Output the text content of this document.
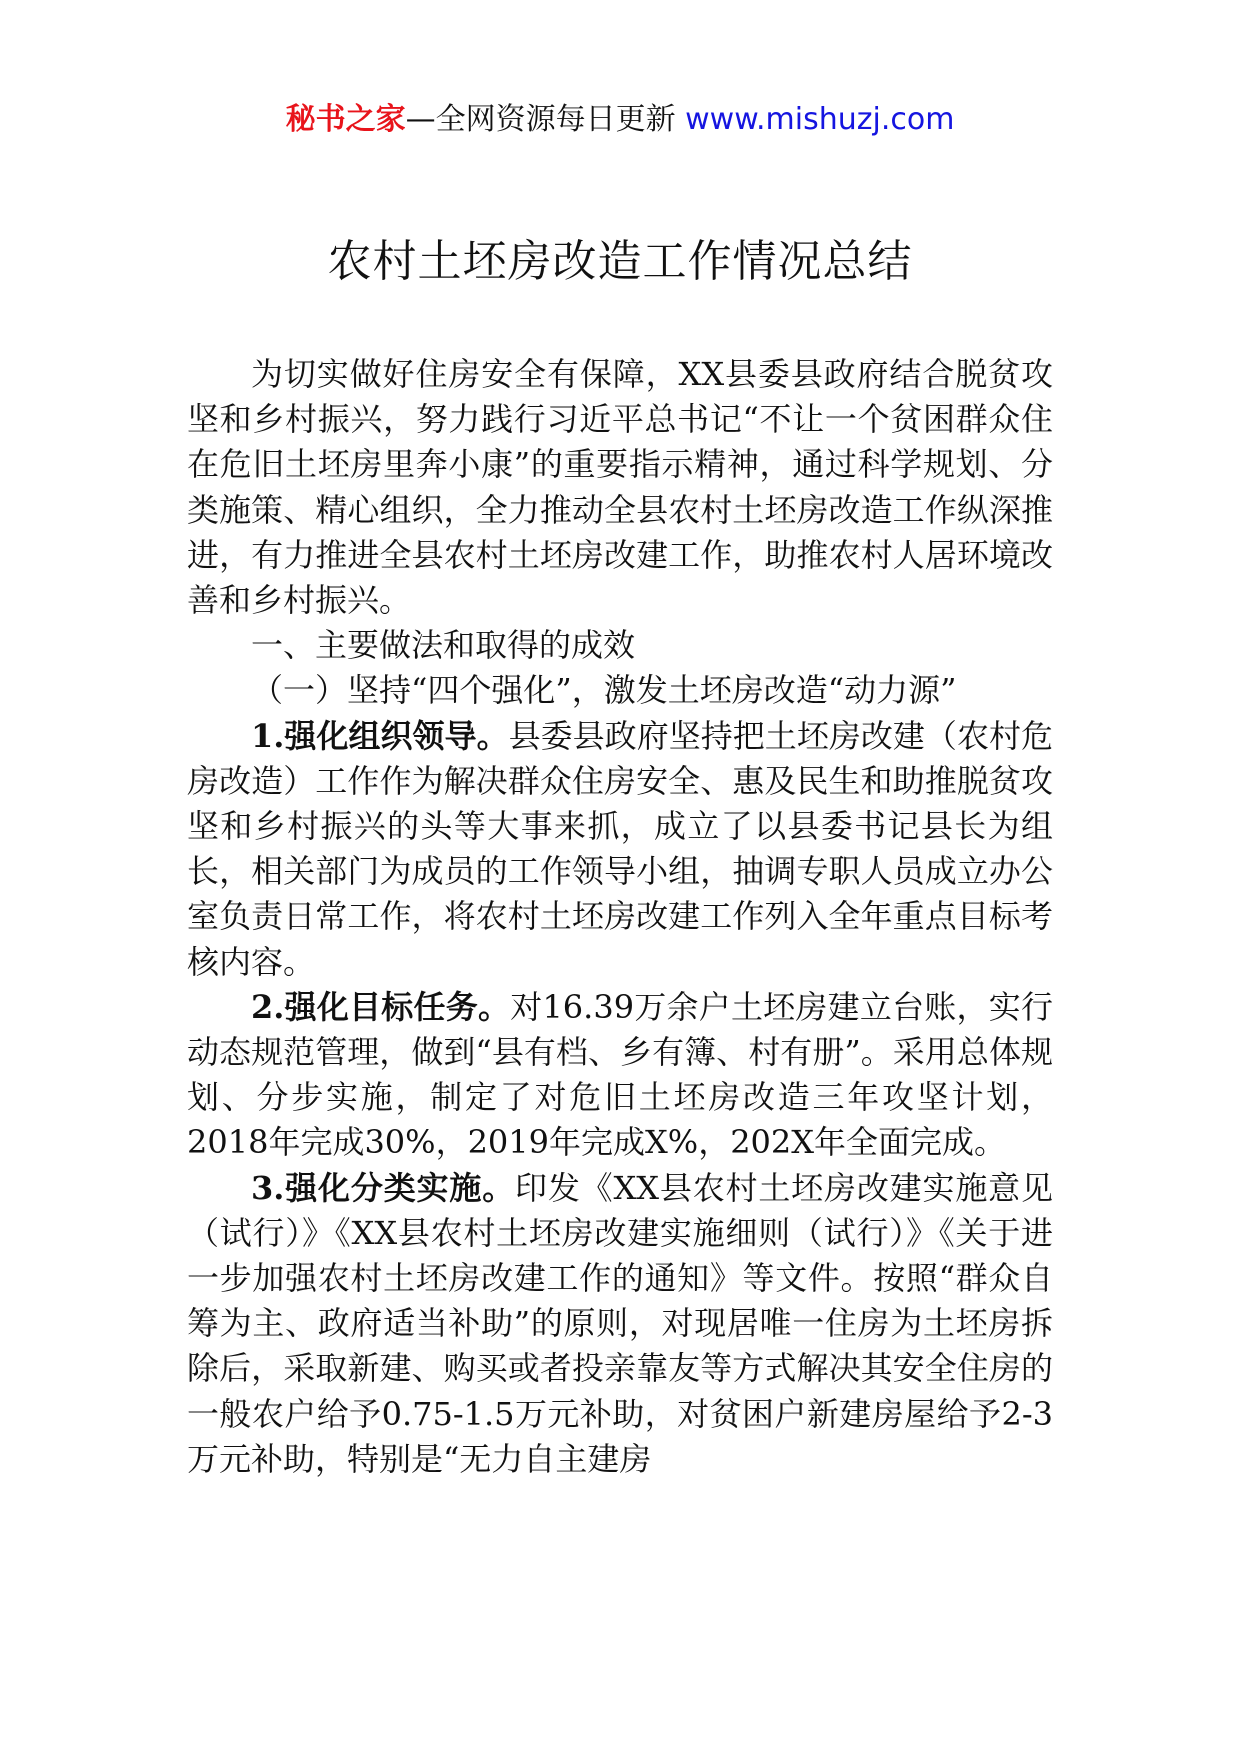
秘书之家—全网资源每日更新 www.mishuzj.com
农村土坯房改造工作情况总结

为切实做好住房安全有保障，XX县委县政府结合脱贫攻坚和乡村振兴，努力践行习近平总书记“不让一个贫困群众住在危旧土坯房里奔小康”的重要指示精神，通过科学规划、分类施策、精心组织，全力推动全县农村土坯房改造工作纵深推进，有力推进全县农村土坯房改建工作，助推农村人居环境改善和乡村振兴。

一、主要做法和取得的成效

（一）坚持“四个强化”，激发土坯房改造“动力源”

1.强化组织领导。县委县政府坚持把土坯房改建（农村危房改造）工作作为解决群众住房安全、惠及民生和助推脱贫攻坚和乡村振兴的头等大事来抓，成立了以县委书记县长为组长，相关部门为成员的工作领导小组，抽调专职人员成立办公室负责日常工作，将农村土坯房改建工作列入全年重点目标考核内容。

2.强化目标任务。对16.39万余户土坯房建立台账，实行动态规范管理，做到“县有档、乡有簿、村有册”。采用总体规划、分步实施，制定了对危旧土坯房改造三年攻坚计划，2018年完成30%，2019年完成X%，202X年全面完成。

3.强化分类实施。印发《XX县农村土坯房改建实施意见（试行）》《XX县农村土坯房改建实施细则（试行）》《关于进一步加强农村土坯房改建工作的通知》等文件。按照“群众自筹为主、政府适当补助”的原则，对现居唯一住房为土坯房拆除后，采取新建、购买或者投亲靠友等方式解决其安全住房的一般农户给予0.75-1.5万元补助，对贫困户新建房屋给予2-3万元补助，特别是“无力自主建房
